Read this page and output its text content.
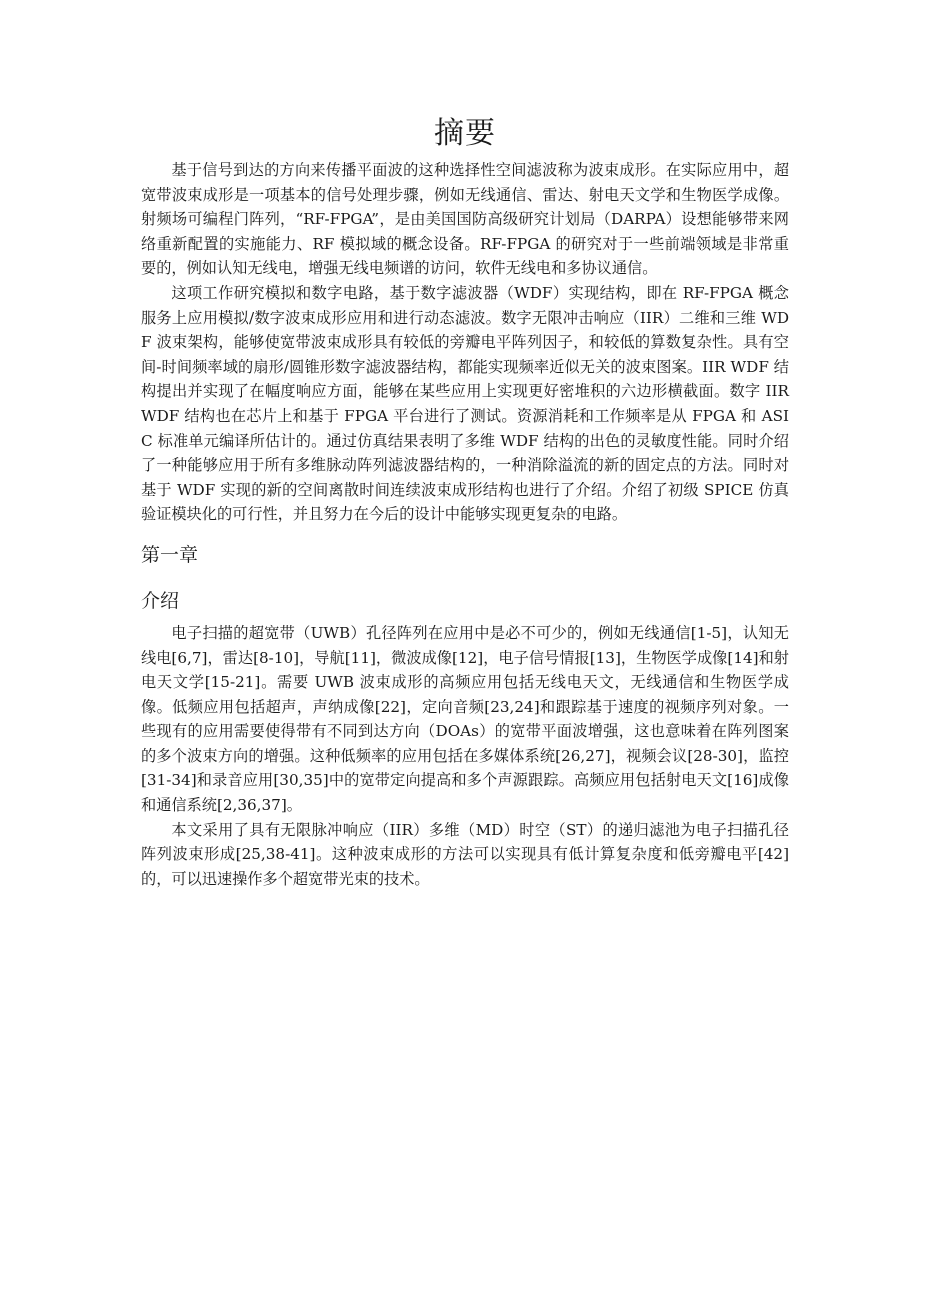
摘要

基于信号到达的方向来传播平面波的这种选择性空间滤波称为波束成形。在实际应用中，超宽带波束成形是一项基本的信号处理步骤，例如无线通信、雷达、射电天文学和生物医学成像。射频场可编程门阵列，“RF-FPGA”，是由美国国防高级研究计划局（DARPA）设想能够带来网络重新配置的实施能力、RF 模拟域的概念设备。RF-FPGA 的研究对于一些前端领域是非常重要的，例如认知无线电，增强无线电频谱的访问，软件无线电和多协议通信。

这项工作研究模拟和数字电路，基于数字滤波器（WDF）实现结构，即在 RF-FPGA 概念服务上应用模拟/数字波束成形应用和进行动态滤波。数字无限冲击响应（IIR）二维和三维 WDF 波束架构，能够使宽带波束成形具有较低的旁瓣电平阵列因子，和较低的算数复杂性。具有空间-时间频率域的扇形/圆锥形数字滤波器结构，都能实现频率近似无关的波束图案。IIR WDF 结构提出并实现了在幅度响应方面，能够在某些应用上实现更好密堆积的六边形横截面。数字 IIR WDF 结构也在芯片上和基于 FPGA 平台进行了测试。资源消耗和工作频率是从 FPGA 和 ASIC 标准单元编译所估计的。通过仿真结果表明了多维 WDF 结构的出色的灵敏度性能。同时介绍了一种能够应用于所有多维脉动阵列滤波器结构的，一种消除溢流的新的固定点的方法。同时对基于 WDF 实现的新的空间离散时间连续波束成形结构也进行了介绍。介绍了初级 SPICE 仿真验证模块化的可行性，并且努力在今后的设计中能够实现更复杂的电路。

第一章
介绍

电子扫描的超宽带（UWB）孔径阵列在应用中是必不可少的，例如无线通信[1-5]，认知无线电[6,7]，雷达[8-10]，导航[11]，微波成像[12]，电子信号情报[13]，生物医学成像[14]和射电天文学[15-21]。需要 UWB 波束成形的高频应用包括无线电天文，无线通信和生物医学成像。低频应用包括超声，声纳成像[22]，定向音频[23,24]和跟踪基于速度的视频序列对象。一些现有的应用需要使得带有不同到达方向（DOAs）的宽带平面波增强，这也意味着在阵列图案的多个波束方向的增强。这种低频率的应用包括在多媒体系统[26,27]，视频会议[28-30]，监控[31-34]和录音应用[30,35]中的宽带定向提高和多个声源跟踪。高频应用包括射电天文[16]成像和通信系统[2,36,37]。

本文采用了具有无限脉冲响应（IIR）多维（MD）时空（ST）的递归滤池为电子扫描孔径阵列波束形成[25,38-41]。这种波束成形的方法可以实现具有低计算复杂度和低旁瓣电平[42]的，可以迅速操作多个超宽带光束的技术。
